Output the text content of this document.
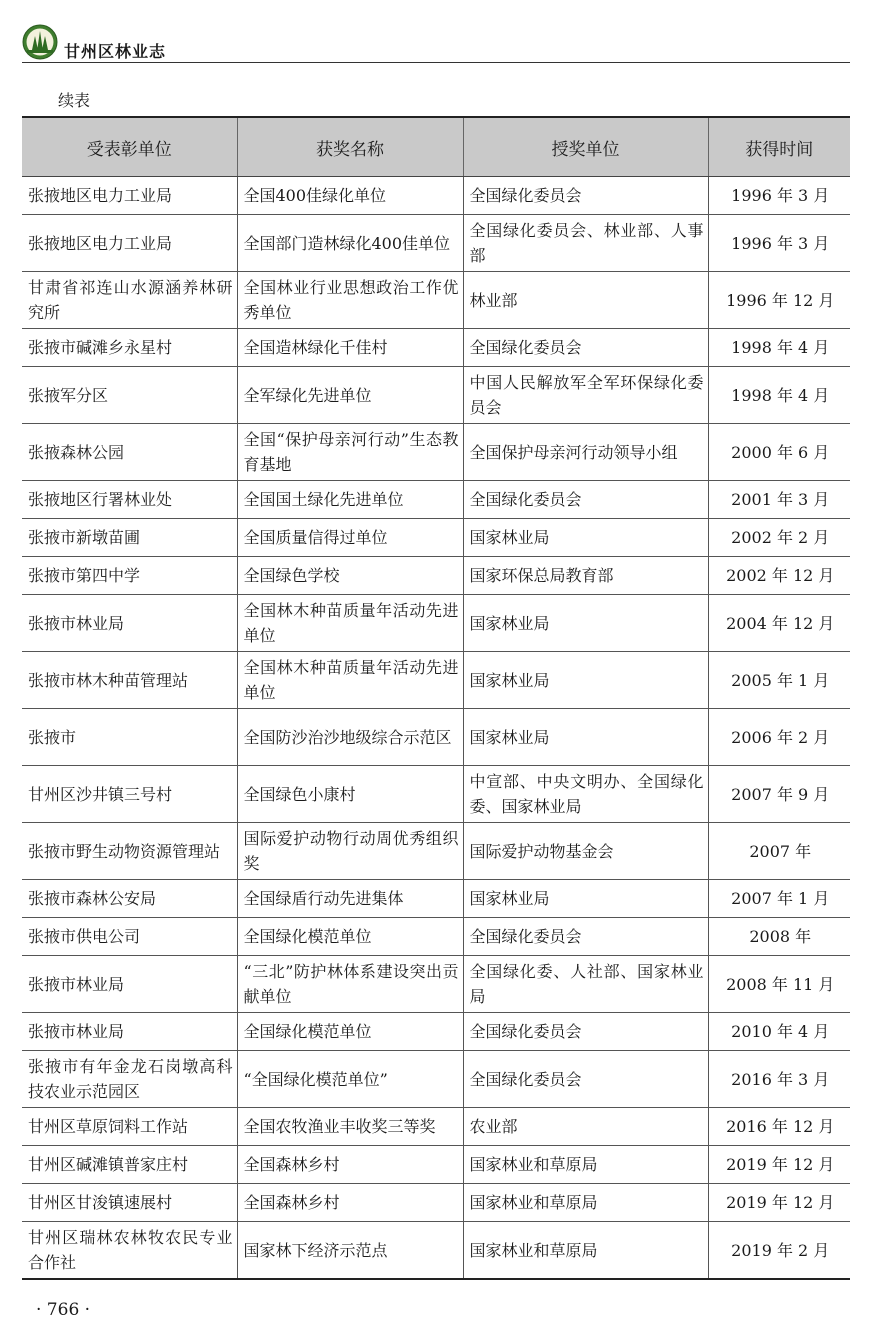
甘州区林业志
续表
受表彰单位	获奖名称	授奖单位	获得时间
张掖地区电力工业局	全国400佳绿化单位	全国绿化委员会	1996 年 3 月
张掖地区电力工业局	全国部门造林绿化400佳单位	全国绿化委员会、林业部、人事部	1996 年 3 月
甘肃省祁连山水源涵养林研究所	全国林业行业思想政治工作优秀单位	林业部	1996 年 12 月
张掖市碱滩乡永星村	全国造林绿化千佳村	全国绿化委员会	1998 年 4 月
张掖军分区	全军绿化先进单位	中国人民解放军全军环保绿化委员会	1998 年 4 月
张掖森林公园	全国“保护母亲河行动”生态教育基地	全国保护母亲河行动领导小组	2000 年 6 月
张掖地区行署林业处	全国国土绿化先进单位	全国绿化委员会	2001 年 3 月
张掖市新墩苗圃	全国质量信得过单位	国家林业局	2002 年 2 月
张掖市第四中学	全国绿色学校	国家环保总局教育部	2002 年 12 月
张掖市林业局	全国林木种苗质量年活动先进单位	国家林业局	2004 年 12 月
张掖市林木种苗管理站	全国林木种苗质量年活动先进单位	国家林业局	2005 年 1 月
张掖市	全国防沙治沙地级综合示范区	国家林业局	2006 年 2 月
甘州区沙井镇三号村	全国绿色小康村	中宣部、中央文明办、全国绿化委、国家林业局	2007 年 9 月
张掖市野生动物资源管理站	国际爱护动物行动周优秀组织奖	国际爱护动物基金会	2007 年
张掖市森林公安局	全国绿盾行动先进集体	国家林业局	2007 年 1 月
张掖市供电公司	全国绿化模范单位	全国绿化委员会	2008 年
张掖市林业局	“三北”防护林体系建设突出贡献单位	全国绿化委、人社部、国家林业局	2008 年 11 月
张掖市林业局	全国绿化模范单位	全国绿化委员会	2010 年 4 月
张掖市有年金龙石岗墩高科技农业示范园区	“全国绿化模范单位”	全国绿化委员会	2016 年 3 月
甘州区草原饲料工作站	全国农牧渔业丰收奖三等奖	农业部	2016 年 12 月
甘州区碱滩镇普家庄村	全国森林乡村	国家林业和草原局	2019 年 12 月
甘州区甘浚镇速展村	全国森林乡村	国家林业和草原局	2019 年 12 月
甘州区瑞林农林牧农民专业合作社	国家林下经济示范点	国家林业和草原局	2019 年 2 月
· 766 ·
